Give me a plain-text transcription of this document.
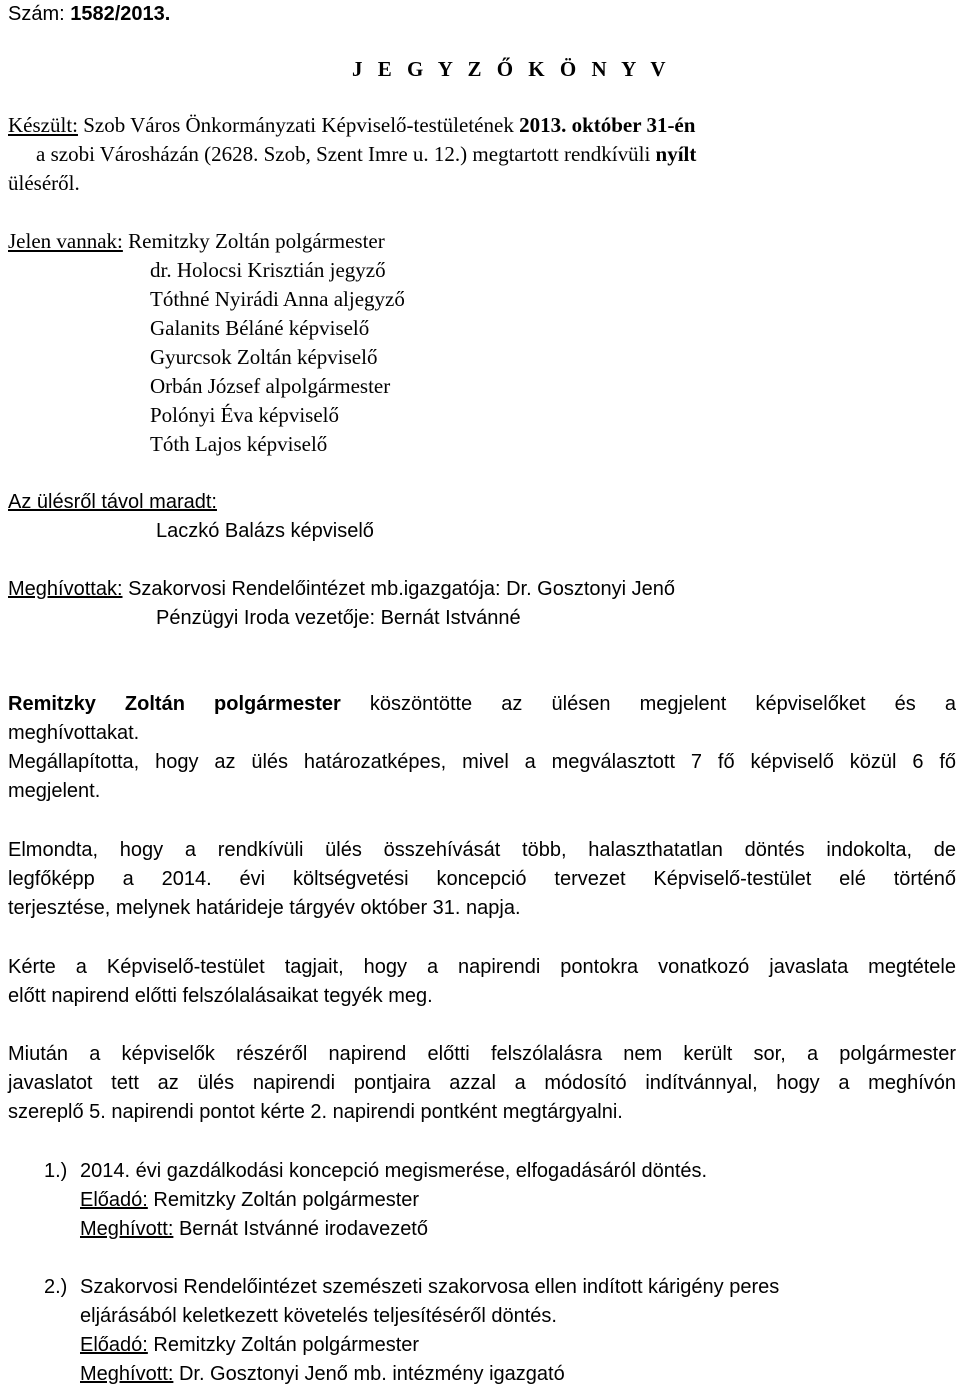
Szám: 1582/2013.
J E G Y Z Ő K Ö N Y V
Készült: Szob Város Önkormányzati Képviselő-testületének 2013. október 31-én
a szobi Városházán (2628. Szob, Szent Imre u. 12.) megtartott rendkívüli nyílt
üléséről.
Jelen vannak: Remitzky Zoltán polgármester
dr. Holocsi Krisztián jegyző
Tóthné Nyirádi Anna aljegyző
Galanits Béláné képviselő
Gyurcsok Zoltán képviselő
Orbán József alpolgármester
Polónyi Éva képviselő
Tóth Lajos képviselő
Az ülésről távol maradt:
Laczkó Balázs képviselő
Meghívottak: Szakorvosi Rendelőintézet mb.igazgatója: Dr. Gosztonyi Jenő
Pénzügyi Iroda vezetője: Bernát Istvánné
Remitzky Zoltán polgármester köszöntötte az ülésen megjelent képviselőket és a
meghívottakat.
Megállapította, hogy az ülés határozatképes, mivel a megválasztott 7 fő képviselő közül 6 fő
megjelent.
Elmondta, hogy a rendkívüli ülés összehívását több, halaszthatatlan döntés indokolta, de
legfőképp a 2014. évi költségvetési koncepció tervezet Képviselő-testület elé történő
terjesztése, melynek határideje tárgyév október 31. napja.
Kérte a Képviselő-testület tagjait, hogy a napirendi pontokra vonatkozó javaslata megtétele
előtt napirend előtti felszólalásaikat tegyék meg.
Miután a képviselők részéről napirend előtti felszólalásra nem került sor, a polgármester
javaslatot tett az ülés napirendi pontjaira azzal a módosító indítvánnyal, hogy a meghívón
szereplő 5. napirendi pontot kérte 2. napirendi pontként megtárgyalni.
1.) 2014. évi gazdálkodási koncepció megismerése, elfogadásáról döntés.
Előadó: Remitzky Zoltán polgármester
Meghívott: Bernát Istvánné irodavezető
2.) Szakorvosi Rendelőintézet szemészeti szakorvosa ellen indított kárigény peres
eljárásából keletkezett követelés teljesítéséről döntés.
Előadó: Remitzky Zoltán polgármester
Meghívott: Dr. Gosztonyi Jenő mb. intézmény igazgató
